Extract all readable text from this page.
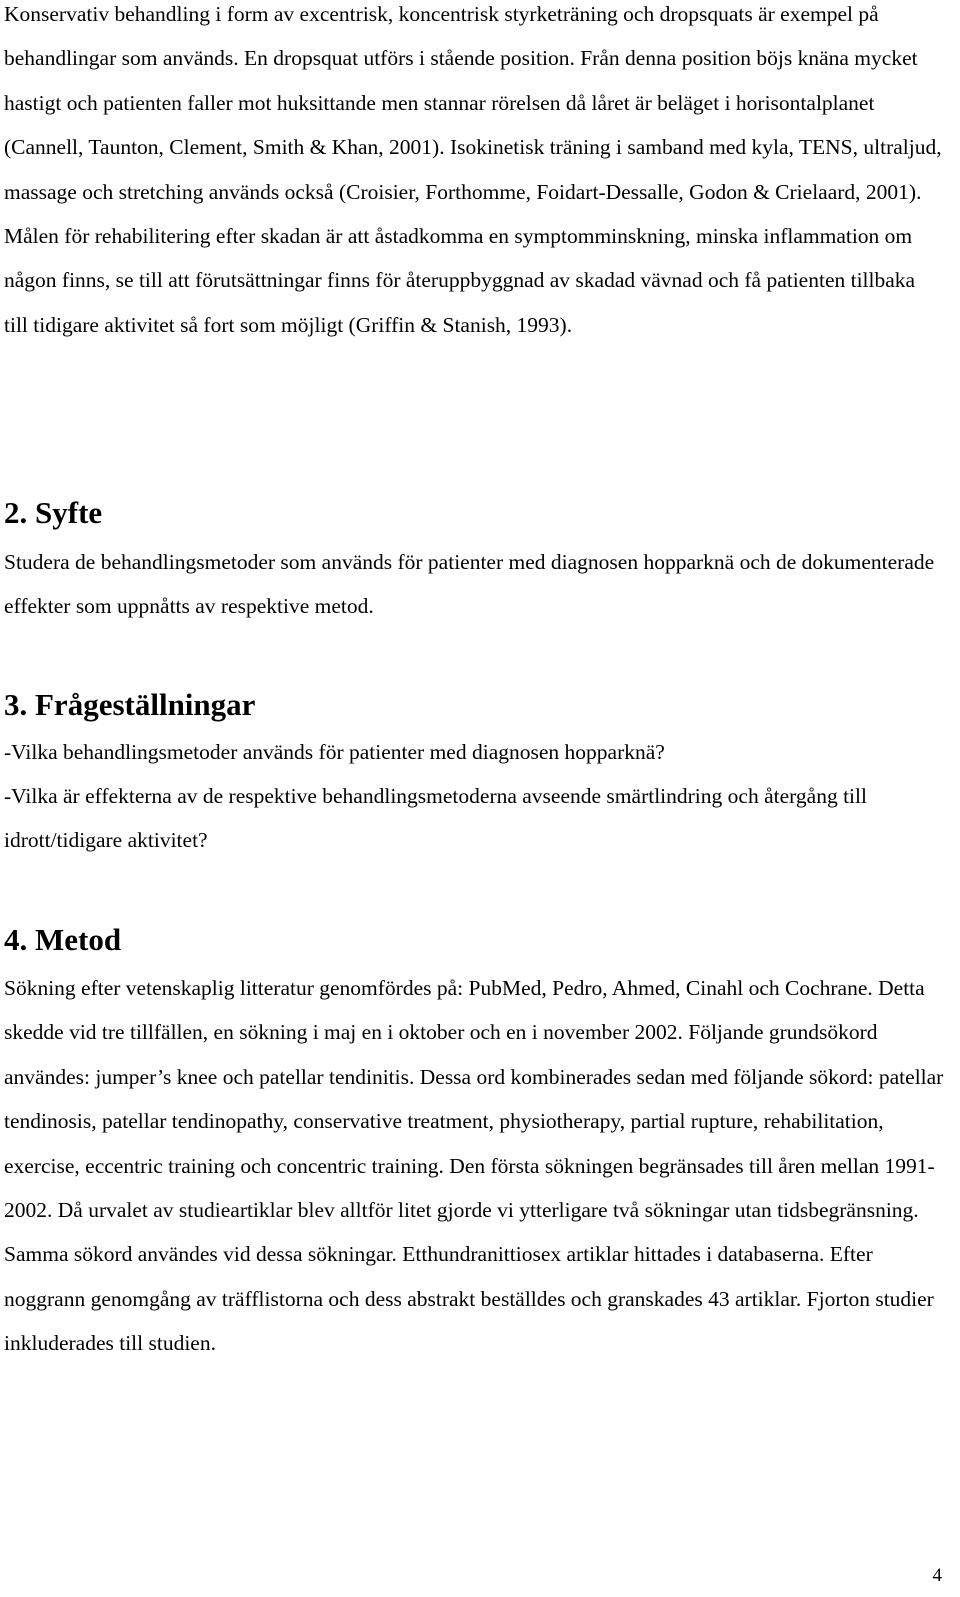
Konservativ behandling i form av excentrisk, koncentrisk styrketräning och dropsquats är exempel på behandlingar som används. En dropsquat utförs i stående position. Från denna position böjs knäna mycket hastigt och patienten faller mot huksittande men stannar rörelsen då låret är beläget i horisontalplanet (Cannell, Taunton, Clement, Smith & Khan, 2001). Isokinetisk träning i samband med kyla, TENS, ultraljud, massage och stretching används också (Croisier, Forthomme, Foidart-Dessalle, Godon & Crielaard, 2001). Målen för rehabilitering efter skadan är att åstadkomma en symptomminskning, minska inflammation om någon finns, se till att förutsättningar finns för återuppbyggnad av skadad vävnad och få patienten tillbaka till tidigare aktivitet så fort som möjligt (Griffin & Stanish, 1993).

2. Syfte

Studera de behandlingsmetoder som används för patienter med diagnosen hopparknä och de dokumenterade effekter som uppnåtts av respektive metod.

3. Frågeställningar

-Vilka behandlingsmetoder används för patienter med diagnosen hopparknä?

-Vilka är effekterna av de respektive behandlingsmetoderna avseende smärtlindring och återgång till idrott/tidigare aktivitet?

4. Metod

Sökning efter vetenskaplig litteratur genomfördes på: PubMed, Pedro, Ahmed, Cinahl och Cochrane. Detta skedde vid tre tillfällen, en sökning i maj en i oktober och en i november 2002. Följande grundsökord användes: jumper’s knee och patellar tendinitis. Dessa ord kombinerades sedan med följande sökord: patellar tendinosis, patellar tendinopathy, conservative treatment, physiotherapy, partial rupture, rehabilitation, exercise, eccentric training och concentric training. Den första sökningen begränsades till åren mellan 1991-2002. Då urvalet av studieartiklar blev alltför litet gjorde vi ytterligare två sökningar utan tidsbegränsning. Samma sökord användes vid dessa sökningar. Etthundranittiosex artiklar hittades i databaserna. Efter noggrann genomgång av träfflistorna och dess abstrakt beställdes och granskades 43 artiklar. Fjorton studier inkluderades till studien.

4
